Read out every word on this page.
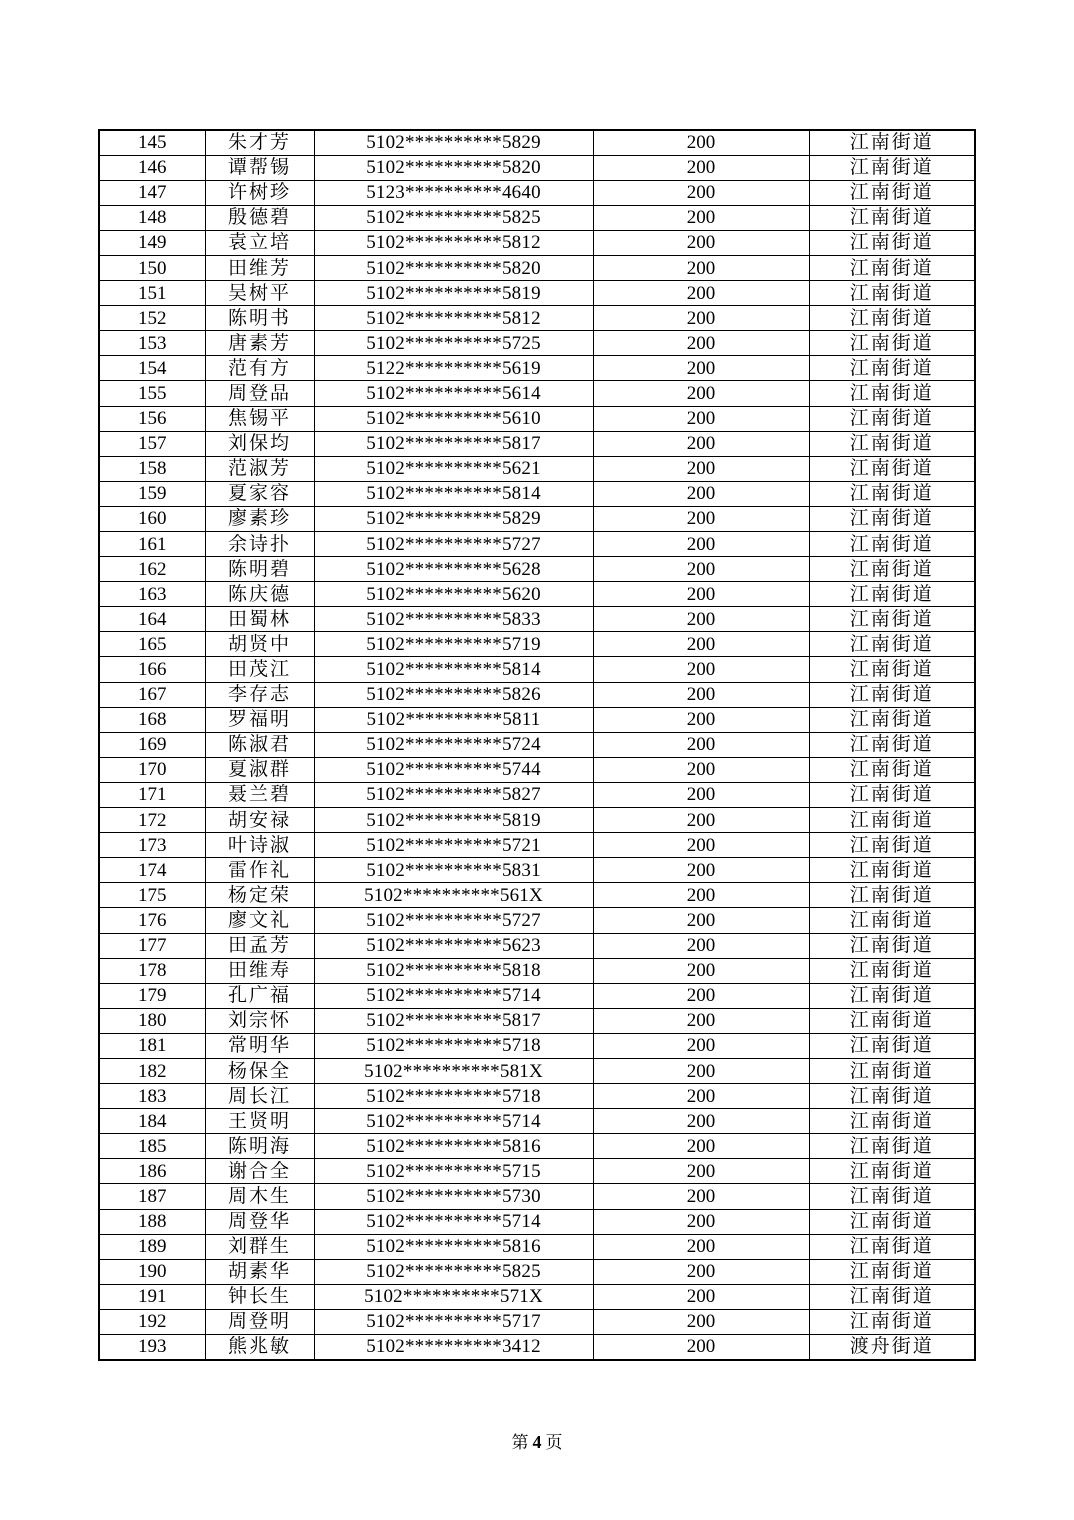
145	朱才芳	5102**********5829	200	江南街道
146	谭帮锡	5102**********5820	200	江南街道
147	许树珍	5123**********4640	200	江南街道
148	殷德碧	5102**********5825	200	江南街道
149	袁立培	5102**********5812	200	江南街道
150	田维芳	5102**********5820	200	江南街道
151	吴树平	5102**********5819	200	江南街道
152	陈明书	5102**********5812	200	江南街道
153	唐素芳	5102**********5725	200	江南街道
154	范有方	5122**********5619	200	江南街道
155	周登品	5102**********5614	200	江南街道
156	焦锡平	5102**********5610	200	江南街道
157	刘保均	5102**********5817	200	江南街道
158	范淑芳	5102**********5621	200	江南街道
159	夏家容	5102**********5814	200	江南街道
160	廖素珍	5102**********5829	200	江南街道
161	余诗扑	5102**********5727	200	江南街道
162	陈明碧	5102**********5628	200	江南街道
163	陈庆德	5102**********5620	200	江南街道
164	田蜀林	5102**********5833	200	江南街道
165	胡贤中	5102**********5719	200	江南街道
166	田茂江	5102**********5814	200	江南街道
167	李存志	5102**********5826	200	江南街道
168	罗福明	5102**********5811	200	江南街道
169	陈淑君	5102**********5724	200	江南街道
170	夏淑群	5102**********5744	200	江南街道
171	聂兰碧	5102**********5827	200	江南街道
172	胡安禄	5102**********5819	200	江南街道
173	叶诗淑	5102**********5721	200	江南街道
174	雷作礼	5102**********5831	200	江南街道
175	杨定荣	5102**********561X	200	江南街道
176	廖文礼	5102**********5727	200	江南街道
177	田孟芳	5102**********5623	200	江南街道
178	田维寿	5102**********5818	200	江南街道
179	孔广福	5102**********5714	200	江南街道
180	刘宗怀	5102**********5817	200	江南街道
181	常明华	5102**********5718	200	江南街道
182	杨保全	5102**********581X	200	江南街道
183	周长江	5102**********5718	200	江南街道
184	王贤明	5102**********5714	200	江南街道
185	陈明海	5102**********5816	200	江南街道
186	谢合全	5102**********5715	200	江南街道
187	周木生	5102**********5730	200	江南街道
188	周登华	5102**********5714	200	江南街道
189	刘群生	5102**********5816	200	江南街道
190	胡素华	5102**********5825	200	江南街道
191	钟长生	5102**********571X	200	江南街道
192	周登明	5102**********5717	200	江南街道
193	熊兆敏	5102**********3412	200	渡舟街道
第 4 页
